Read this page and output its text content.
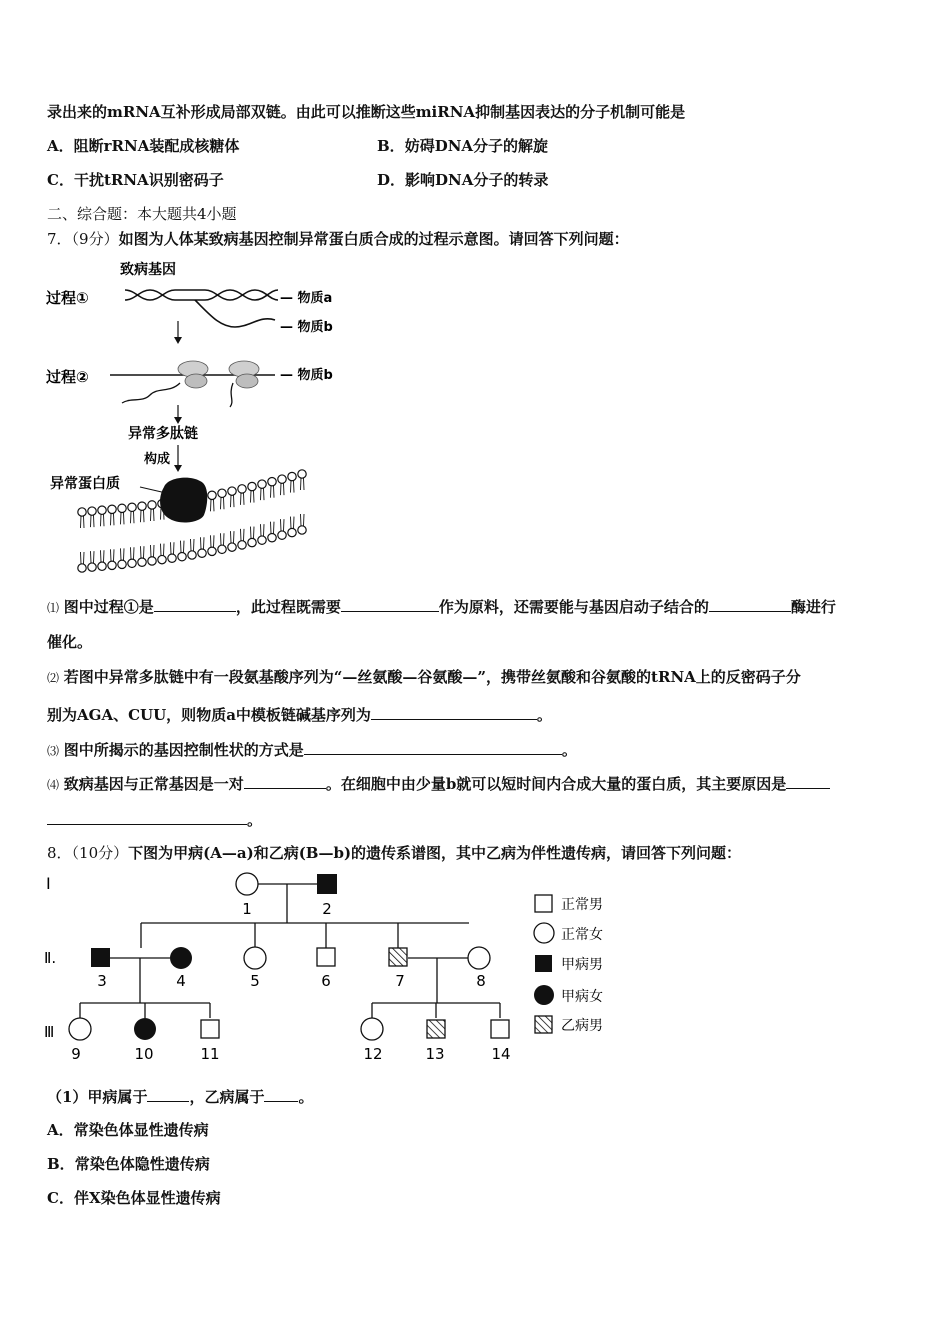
录出来的mRNA互补形成局部双链。由此可以推断这些miRNA抑制基因表达的分子机制可能是
A．阻断rRNA装配成核糖体	B．妨碍DNA分子的解旋
C．干扰tRNA识别密码子	D．影响DNA分子的转录
二、综合题：本大题共4小题
7．（9分）如图为人体某致病基因控制异常蛋白质合成的过程示意图。请回答下列问题：
致病基因
过程①	— 物质a
— 物质b
过程②	— 物质b
异常多肽链
构成
异常蛋白质
⑴ 图中过程①是	，此过程既需要	作为原料，还需要能与基因启动子结合的	酶进行
催化。
⑵ 若图中异常多肽链中有一段氨基酸序列为“—丝氨酸—谷氨酸—”，携带丝氨酸和谷氨酸的tRNA上的反密码子分
别为AGA、CUU，则物质a中模板链碱基序列为	。
⑶ 图中所揭示的基因控制性状的方式是	。
⑷ 致病基因与正常基因是一对	。在细胞中由少量b就可以短时间内合成大量的蛋白质，其主要原因是
。
8．（10分）下图为甲病(A—a)和乙病(B—b)的遗传系谱图，其中乙病为伴性遗传病，请回答下列问题：
Ⅰ
Ⅱ.
Ⅲ
1	2
3	4	5	6	7	8
9	10	11	12	13	14
正常男
正常女
甲病男
甲病女
乙病男
（1）甲病属于	，乙病属于 。
A．常染色体显性遗传病
B．常染色体隐性遗传病
C．伴X染色体显性遗传病
